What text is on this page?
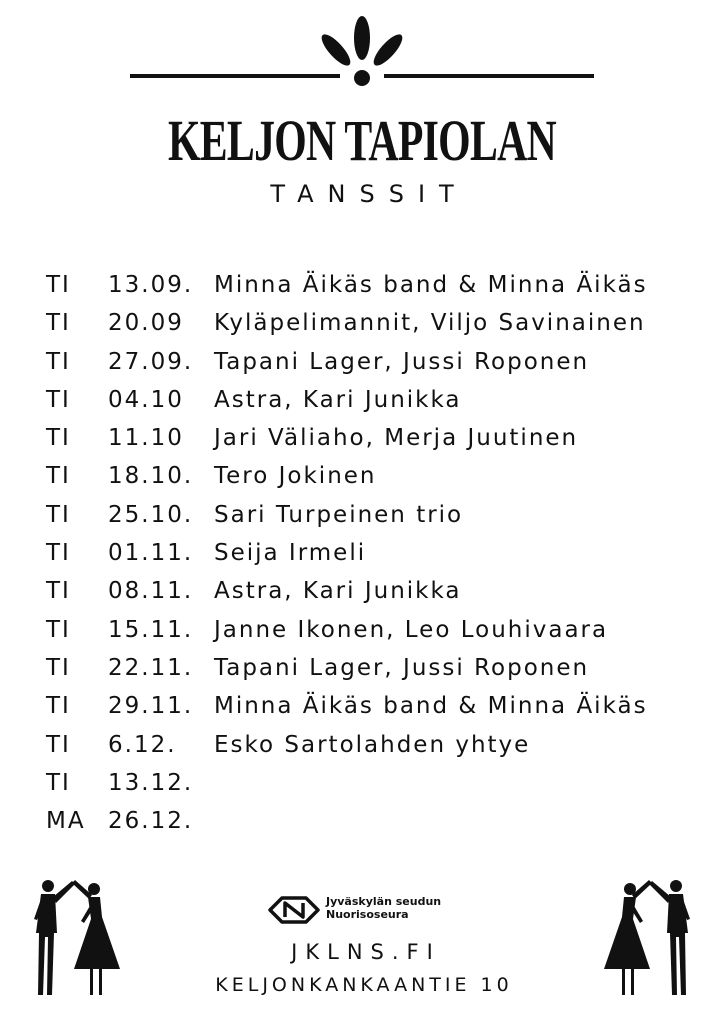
KELJON TAPIOLAN
TANSSIT
TI 13.09. Minna Äikäs band & Minna Äikäs
TI 20.09 Kyläpelimannit, Viljo Savinainen
TI 27.09. Tapani Lager, Jussi Roponen
TI 04.10 Astra, Kari Junikka
TI 11.10 Jari Väliaho, Merja Juutinen
TI 18.10. Tero Jokinen
TI 25.10. Sari Turpeinen trio
TI 01.11. Seija Irmeli
TI 08.11. Astra, Kari Junikka
TI 15.11. Janne Ikonen, Leo Louhivaara
TI 22.11. Tapani Lager, Jussi Roponen
TI 29.11. Minna Äikäs band & Minna Äikäs
TI 6.12. Esko Sartolahden yhtye
TI 13.12.
MA 26.12.
Jyväskylän seudun
Nuorisoseura
JKLNS.FI
KELJONKANKAANTIE 10
